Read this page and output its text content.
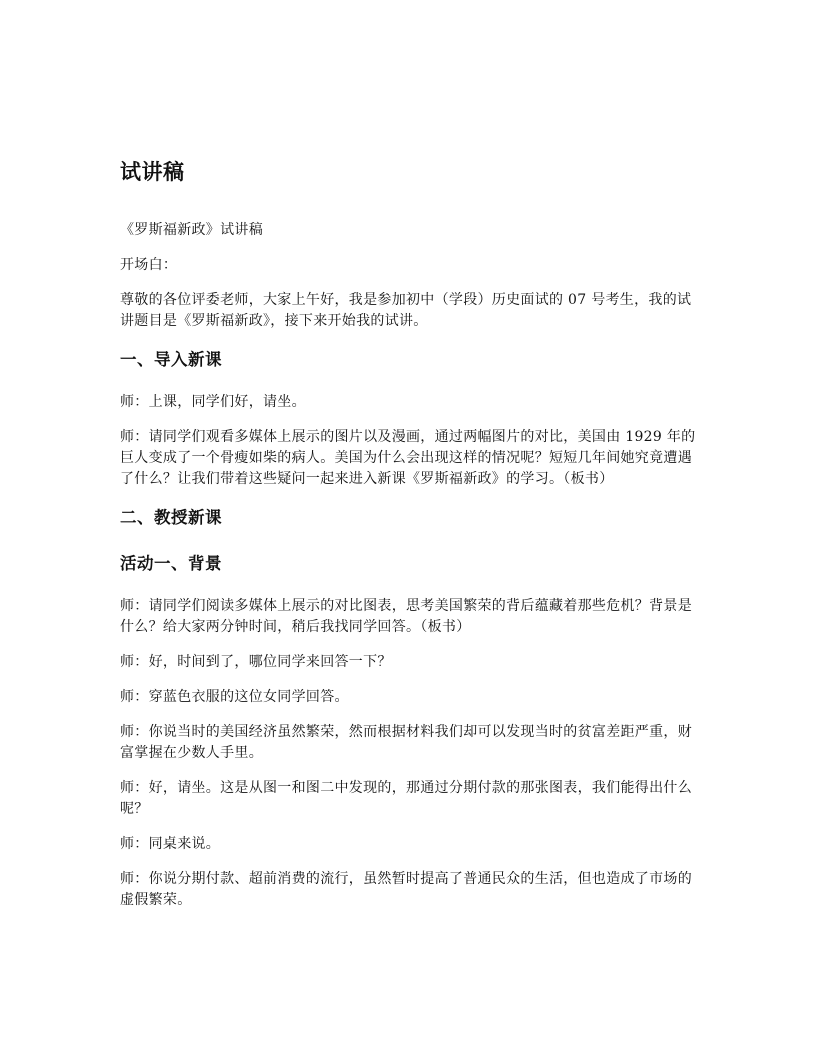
试讲稿

《罗斯福新政》试讲稿

开场白：

尊敬的各位评委老师，大家上午好，我是参加初中（学段）历史面试的 07 号考生，我的试讲题目是《罗斯福新政》，接下来开始我的试讲。

一、导入新课

师：上课，同学们好，请坐。

师：请同学们观看多媒体上展示的图片以及漫画，通过两幅图片的对比，美国由 1929 年的巨人变成了一个骨瘦如柴的病人。美国为什么会出现这样的情况呢？短短几年间她究竟遭遇了什么？让我们带着这些疑问一起来进入新课《罗斯福新政》的学习。（板书）

二、教授新课
活动一、背景

师：请同学们阅读多媒体上展示的对比图表，思考美国繁荣的背后蕴藏着那些危机？背景是什么？给大家两分钟时间，稍后我找同学回答。（板书）

师：好，时间到了，哪位同学来回答一下？

师：穿蓝色衣服的这位女同学回答。

师：你说当时的美国经济虽然繁荣，然而根据材料我们却可以发现当时的贫富差距严重，财富掌握在少数人手里。

师：好，请坐。这是从图一和图二中发现的，那通过分期付款的那张图表，我们能得出什么呢？

师：同桌来说。

师：你说分期付款、超前消费的流行，虽然暂时提高了普通民众的生活，但也造成了市场的虚假繁荣。
